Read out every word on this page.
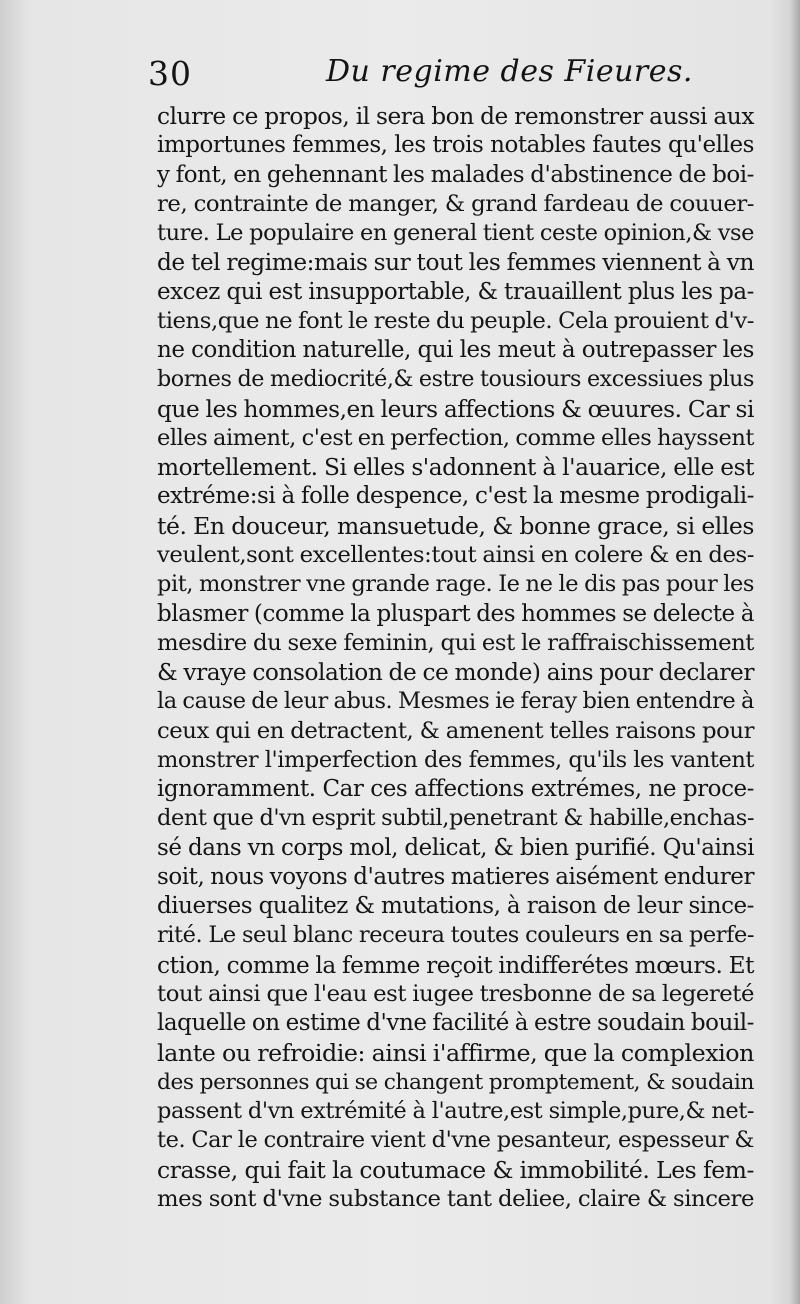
30	Du regime des Fieures.
clurre ce propos, il sera bon de remonstrer aussi aux
importunes femmes, les trois notables fautes qu'elles
y font, en gehennant les malades d'abstinence de boi-
re, contrainte de manger, & grand fardeau de couuer-
ture. Le populaire en general tient ceste opinion,& vse
de tel regime:mais sur tout les femmes viennent à vn
excez qui est insupportable, & trauaillent plus les pa-
tiens,que ne font le reste du peuple. Cela prouient d'v-
ne condition naturelle, qui les meut à outrepasser les
bornes de mediocrité,& estre tousiours excessiues plus
que les hommes,en leurs affections & œuures. Car si
elles aiment, c'est en perfection, comme elles hayssent
mortellement. Si elles s'adonnent à l'auarice, elle est
extréme:si à folle despence, c'est la mesme prodigali-
té. En douceur, mansuetude, & bonne grace, si elles
veulent,sont excellentes:tout ainsi en colere & en des-
pit, monstrer vne grande rage. Ie ne le dis pas pour les
blasmer (comme la pluspart des hommes se delecte à
mesdire du sexe feminin, qui est le raffraischissement
& vraye consolation de ce monde) ains pour declarer
la cause de leur abus. Mesmes ie feray bien entendre à
ceux qui en detractent, & amenent telles raisons pour
monstrer l'imperfection des femmes, qu'ils les vantent
ignoramment. Car ces affections extrémes, ne proce-
dent que d'vn esprit subtil,penetrant & habille,enchas-
sé dans vn corps mol, delicat, & bien purifié. Qu'ainsi
soit, nous voyons d'autres matieres aisément endurer
diuerses qualitez & mutations, à raison de leur since-
rité. Le seul blanc receura toutes couleurs en sa perfe-
ction, comme la femme reçoit indifferétes mœurs. Et
tout ainsi que l'eau est iugee tresbonne de sa legereté
laquelle on estime d'vne facilité à estre soudain bouil-
lante ou refroidie: ainsi i'affirme, que la complexion
des personnes qui se changent promptement, & soudain
passent d'vn extrémité à l'autre,est simple,pure,& net-
te. Car le contraire vient d'vne pesanteur, espesseur &
crasse, qui fait la coutumace & immobilité. Les fem-
mes sont d'vne substance tant deliee, claire & sincere
